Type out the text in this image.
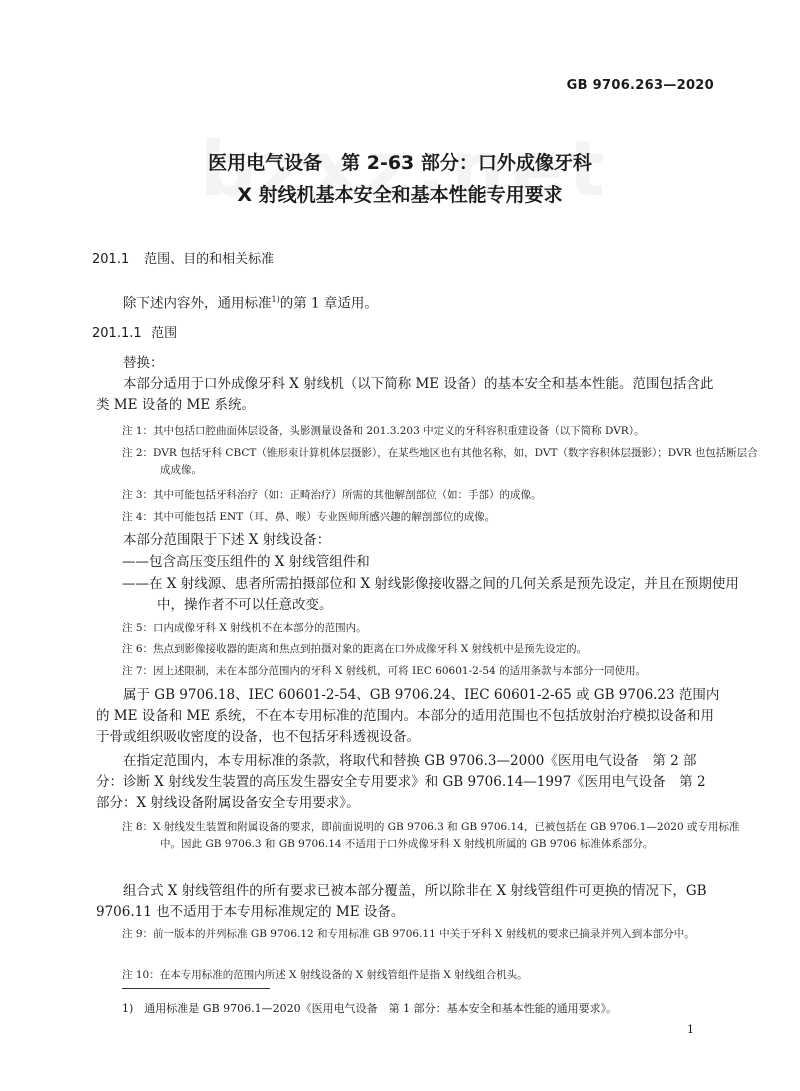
GB 9706.263—2020
医用电气设备　第 2-63 部分：口外成像牙科
X 射线机基本安全和基本性能专用要求
201.1 范围、目的和相关标准
除下述内容外，通用标准$^{1)}$的第 1 章适用。
201.1.1 范围
替换：
本部分适用于口外成像牙科 X 射线机（以下简称 ME 设备）的基本安全和基本性能。范围包括含此类 ME 设备的 ME 系统。
注 1：其中包括口腔曲面体层设备，头影测量设备和 201.3.203 中定义的牙科容积重建设备（以下简称 DVR）。
注 2：DVR 包括牙科 CBCT（锥形束计算机体层摄影），在某些地区也有其他名称，如，DVT（数字容积体层摄影）；DVR 也包括断层合成成像。
注 3：其中可能包括牙科治疗（如：正畸治疗）所需的其他解剖部位（如：手部）的成像。
注 4：其中可能包括 ENT（耳、鼻、喉）专业医师所感兴趣的解剖部位的成像。
本部分范围限于下述 X 射线设备：
——包含高压变压组件的 X 射线管组件和
——在 X 射线源、患者所需拍摄部位和 X 射线影像接收器之间的几何关系是预先设定，并且在预期使用中，操作者不可以任意改变。
注 5：口内成像牙科 X 射线机不在本部分的范围内。
注 6：焦点到影像接收器的距离和焦点到拍摄对象的距离在口外成像牙科 X 射线机中是预先设定的。
注 7：因上述限制，未在本部分范围内的牙科 X 射线机，可将 IEC 60601-2-54 的适用条款与本部分一同使用。
属于 GB 9706.18、IEC 60601-2-54、GB 9706.24、IEC 60601-2-65 或 GB 9706.23 范围内的 ME 设备和 ME 系统，不在本专用标准的范围内。本部分的适用范围也不包括放射治疗模拟设备和用于骨或组织吸收密度的设备，也不包括牙科透视设备。
在指定范围内，本专用标准的条款，将取代和替换 GB 9706.3—2000《医用电气设备　第 2 部分：诊断 X 射线发生装置的高压发生器安全专用要求》和 GB 9706.14—1997《医用电气设备　第 2 部分：X 射线设备附属设备安全专用要求》。
注 8：X 射线发生装置和附属设备的要求，即前面说明的 GB 9706.3 和 GB 9706.14，已被包括在 GB 9706.1—2020 或专用标准中。因此 GB 9706.3 和 GB 9706.14 不适用于口外成像牙科 X 射线机所属的 GB 9706 标准体系部分。
组合式 X 射线管组件的所有要求已被本部分覆盖，所以除非在 X 射线管组件可更换的情况下，GB 9706.11 也不适用于本专用标准规定的 ME 设备。
注 9：前一版本的并列标准 GB 9706.12 和专用标准 GB 9706.11 中关于牙科 X 射线机的要求已摘录并列入到本部分中。
注 10：在本专用标准的范围内所述 X 射线设备的 X 射线管组件是指 X 射线组合机头。
1)　通用标准是 GB 9706.1—2020《医用电气设备　第 1 部分：基本安全和基本性能的通用要求》。
1
